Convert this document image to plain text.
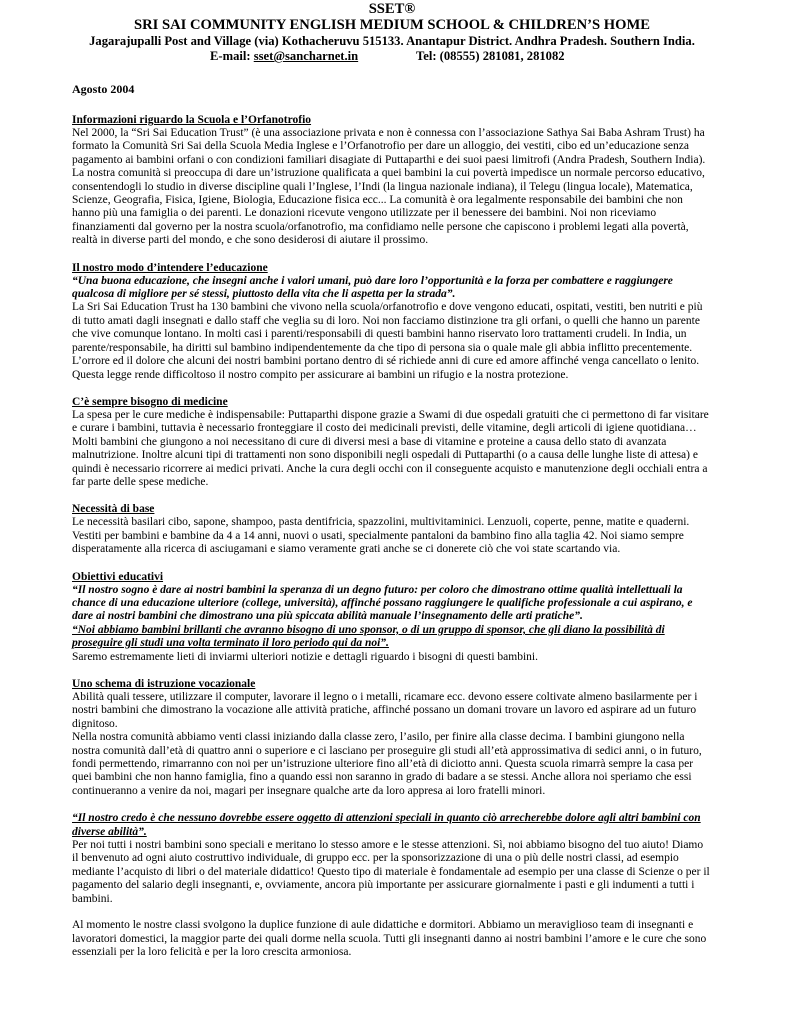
SSET®
SRI SAI COMMUNITY ENGLISH MEDIUM SCHOOL & CHILDREN’S HOME
Jagarajupalli Post and Village (via) Kothacheruvu 515133. Anantapur District. Andhra Pradesh. Southern India.
E-mail: sset@sancharnet.in	Tel: (08555) 281081, 281082
Agosto 2004
Informazioni riguardo la Scuola e l’Orfanotrofio

Nel 2000, la “Sri Sai Education Trust” (è una associazione privata e non è connessa con l’associazione Sathya Sai Baba Ashram Trust) ha formato la Comunità Sri Sai della Scuola Media Inglese e l’Orfanotrofio per dare un alloggio, dei vestiti, cibo ed un’educazione senza pagamento ai bambini orfani o con condizioni familiari disagiate di Puttaparthi e dei suoi paesi limitrofi (Andra Pradesh, Southern India). La nostra comunità si preoccupa di dare un’istruzione qualificata a quei bambini la cui povertà impedisce un normale percorso educativo, consentendogli lo studio in diverse discipline quali l’Inglese, l’Indi (la lingua nazionale indiana), il Telegu (lingua locale), Matematica, Scienze, Geografia, Fisica, Igiene, Biologia, Educazione fisica ecc... La comunità è ora legalmente responsabile dei bambini che non hanno più una famiglia o dei parenti. Le donazioni ricevute vengono utilizzate per il benessere dei bambini. Noi non riceviamo finanziamenti dal governo per la nostra scuola/orfanotrofio, ma confidiamo nelle persone che capiscono i problemi legati alla povertà, realtà in diverse parti del mondo, e che sono desiderosi di aiutare il prossimo.

Il nostro modo d’intendere l’educazione

“Una buona educazione, che insegni anche i valori umani, può dare loro l’opportunità e la forza per combattere e raggiungere qualcosa di migliore per sé stessi, piuttosto della vita che li aspetta per la strada”.

La Sri Sai Education Trust ha 130 bambini che vivono nella scuola/orfanotrofio e dove vengono educati, ospitati, vestiti, ben nutriti e più di tutto amati dagli insegnati e dallo staff che veglia su di loro. Noi non facciamo distinzione tra gli orfani, o quelli che hanno un parente che vive comunque lontano. In molti casi i parenti/responsabili di questi bambini hanno riservato loro trattamenti crudeli. In India, un parente/responsabile, ha diritti sul bambino indipendentemente da che tipo di persona sia o quale male gli abbia inflitto precentemente. L’orrore ed il dolore che alcuni dei nostri bambini portano dentro di sé richiede anni di cure ed amore affinché venga cancellato o lenito. Questa legge rende difficoltoso il nostro compito per assicurare ai bambini un rifugio e la nostra protezione.

C’è sempre bisogno di medicine

La spesa per le cure mediche è indispensabile: Puttaparthi dispone grazie a Swami di due ospedali gratuiti che ci permettono di far visitare e curare i bambini, tuttavia è necessario fronteggiare il costo dei medicinali previsti, delle vitamine, degli articoli di igiene quotidiana… Molti bambini che giungono a noi necessitano di cure di diversi mesi a base di vitamine e proteine a causa dello stato di avanzata malnutrizione. Inoltre alcuni tipi di trattamenti non sono disponibili negli ospedali di Puttaparthi (o a causa delle lunghe liste di attesa) e quindi è necessario ricorrere ai medici privati. Anche la cura degli occhi con il conseguente acquisto e manutenzione degli occhiali entra a far parte delle spese mediche.

Necessità di base

Le necessità basilari cibo, sapone, shampoo, pasta dentifricia, spazzolini, multivitaminici. Lenzuoli, coperte, penne, matite e quaderni. Vestiti per bambini e bambine da 4 a 14 anni, nuovi o usati, specialmente pantaloni da bambino fino alla taglia 42. Noi siamo sempre disperatamente alla ricerca di asciugamani e siamo veramente grati anche se ci donerete ciò che voi state scartando via.

Obiettivi educativi

“Il nostro sogno è dare ai nostri bambini la speranza di un degno futuro: per coloro che dimostrano ottime qualità intellettuali la chance di una educazione ulteriore (college, università), affinché possano raggiungere le qualifiche professionale a cui aspirano, e dare ai nostri bambini che dimostrano una più spiccata abilità manuale l’insegnamento delle arti pratiche”.

“Noi abbiamo bambini brillanti che avranno bisogno di uno sponsor, o di un gruppo di sponsor, che gli diano la possibilità di proseguire gli studi una volta terminato il loro periodo qui da noi”.

Saremo estremamente lieti di inviarmi ulteriori notizie e dettagli riguardo i bisogni di questi bambini.

Uno schema di istruzione vocazionale

Abilità quali tessere, utilizzare il computer, lavorare il legno o i metalli, ricamare ecc. devono essere coltivate almeno basilarmente per i nostri bambini che dimostrano la vocazione alle attività pratiche, affinché possano un domani trovare un lavoro ed aspirare ad un futuro dignitoso.

Nella nostra comunità abbiamo venti classi iniziando dalla classe zero, l’asilo, per finire alla classe decima. I bambini giungono nella nostra comunità dall’età di quattro anni o superiore e ci lasciano per proseguire gli studi all’età approssimativa di sedici anni, o in futuro, fondi permettendo, rimarranno con noi per un’istruzione ulteriore fino all’età di diciotto anni. Questa scuola rimarrà sempre la casa per quei bambini che non hanno famiglia, fino a quando essi non saranno in grado di badare a se stessi. Anche allora noi speriamo che essi continueranno a venire da noi, magari per insegnare qualche arte da loro appresa ai loro fratelli minori.

“Il nostro credo è che nessuno dovrebbe essere oggetto di attenzioni speciali in quanto ciò arrecherebbe dolore agli altri bambini con diverse abilità”.

Per noi tutti i nostri bambini sono speciali e meritano lo stesso amore e le stesse attenzioni. Sì, noi abbiamo bisogno del tuo aiuto! Diamo il benvenuto ad ogni aiuto costruttivo individuale, di gruppo ecc. per la sponsorizzazione di una o più delle nostri classi, ad esempio mediante l’acquisto di libri o del materiale didattico! Questo tipo di materiale è fondamentale ad esempio per una classe di Scienze o per il pagamento del salario degli insegnanti, e, ovviamente, ancora più importante per assicurare giornalmente i pasti e gli indumenti a tutti i bambini.

Al momento le nostre classi svolgono la duplice funzione di aule didattiche e dormitori. Abbiamo un meraviglioso team di insegnanti e lavoratori domestici, la maggior parte dei quali dorme nella scuola. Tutti gli insegnanti danno ai nostri bambini l’amore e le cure che sono essenziali per la loro felicità e per la loro crescita armoniosa.
